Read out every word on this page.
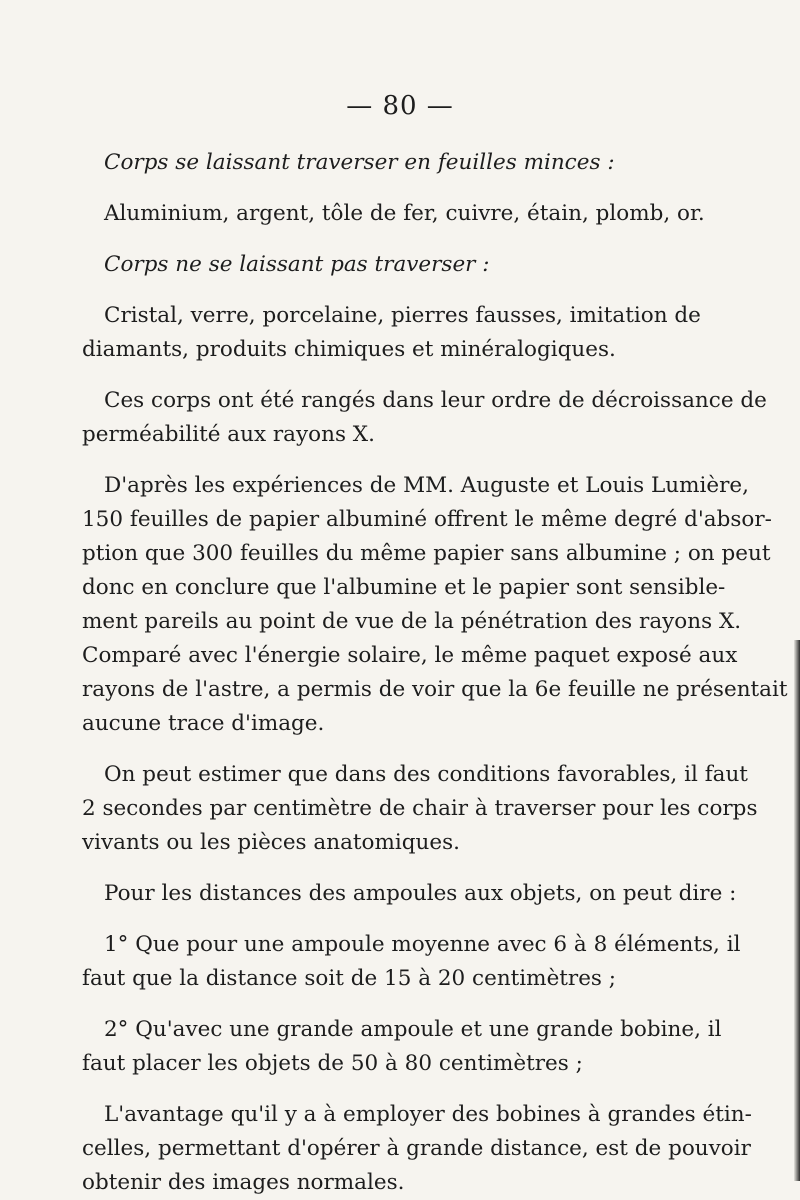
— 80 —

Corps se laissant traverser en feuilles minces :
Aluminium, argent, tôle de fer, cuivre, étain, plomb, or.
Corps ne se laissant pas traverser :
Cristal, verre, porcelaine, pierres fausses, imitation de
diamants, produits chimiques et minéralogiques.
Ces corps ont été rangés dans leur ordre de décroissance de
perméabilité aux rayons X.
D'après les expériences de MM. Auguste et Louis Lumière,
150 feuilles de papier albuminé offrent le même degré d'absor-
ption que 300 feuilles du même papier sans albumine ; on peut
donc en conclure que l'albumine et le papier sont sensible-
ment pareils au point de vue de la pénétration des rayons X.
Comparé avec l'énergie solaire, le même paquet exposé aux
rayons de l'astre, a permis de voir que la 6e feuille ne présentait
aucune trace d'image.
On peut estimer que dans des conditions favorables, il faut
2 secondes par centimètre de chair à traverser pour les corps
vivants ou les pièces anatomiques.
Pour les distances des ampoules aux objets, on peut dire :
1° Que pour une ampoule moyenne avec 6 à 8 éléments, il
faut que la distance soit de 15 à 20 centimètres ;
2° Qu'avec une grande ampoule et une grande bobine, il
faut placer les objets de 50 à 80 centimètres ;
L'avantage qu'il y a à employer des bobines à grandes étin-
celles, permettant d'opérer à grande distance, est de pouvoir
obtenir des images normales.
